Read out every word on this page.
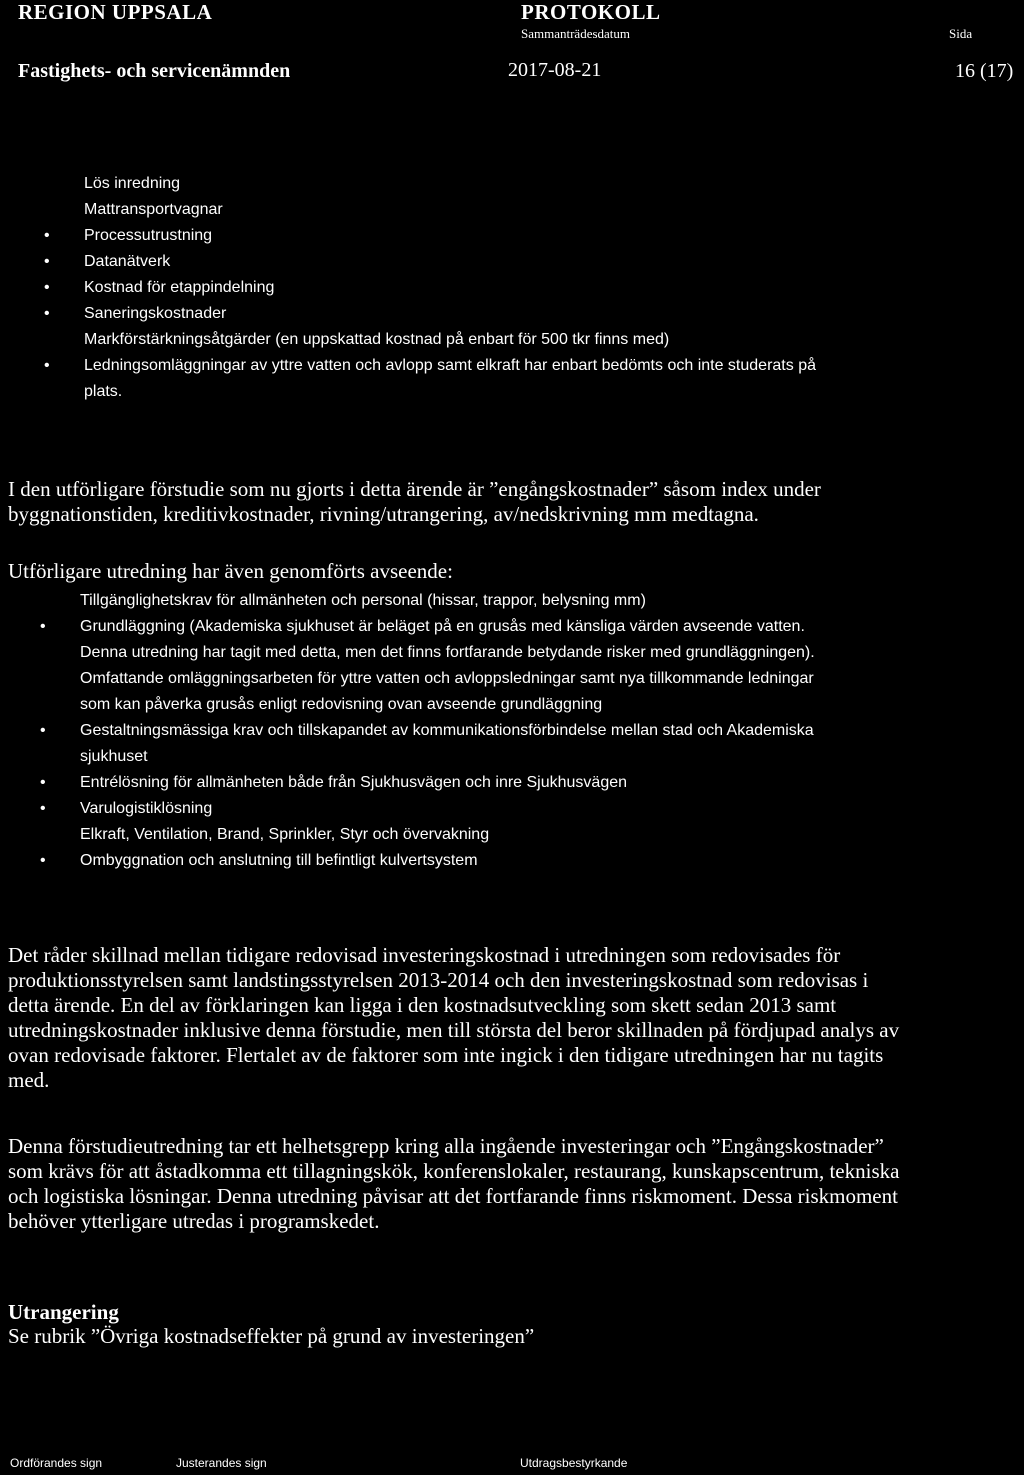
REGION UPPSALA	PROTOKOLL
Sammanträdesdatum	Sida
Fastighets- och servicenämnden	2017-08-21	16 (17)
Lös inredning
Mattransportvagnar
• Processutrustning
• Datanätverk
• Kostnad för etappindelning
• Saneringskostnader
Markförstärkningsåtgärder (en uppskattad kostnad på enbart för 500 tkr finns med)
• Ledningsomläggningar av yttre vatten och avlopp samt elkraft har enbart bedömts och inte studerats på
plats.
I den utförligare förstudie som nu gjorts i detta ärende är ”engångskostnader” såsom index under
byggnationstiden, kreditivkostnader, rivning/utrangering, av/nedskrivning mm medtagna.
Utförligare utredning har även genomförts avseende:
Tillgänglighetskrav för allmänheten och personal (hissar, trappor, belysning mm)
• Grundläggning (Akademiska sjukhuset är beläget på en grusås med känsliga värden avseende vatten.
Denna utredning har tagit med detta, men det finns fortfarande betydande risker med grundläggningen).
Omfattande omläggningsarbeten för yttre vatten och avloppsledningar samt nya tillkommande ledningar
som kan påverka grusås enligt redovisning ovan avseende grundläggning
• Gestaltningsmässiga krav och tillskapandet av kommunikationsförbindelse mellan stad och Akademiska
sjukhuset
• Entrélösning för allmänheten både från Sjukhusvägen och inre Sjukhusvägen
• Varulogistiklösning
Elkraft, Ventilation, Brand, Sprinkler, Styr och övervakning
• Ombyggnation och anslutning till befintligt kulvertsystem
Det råder skillnad mellan tidigare redovisad investeringskostnad i utredningen som redovisades för
produktionsstyrelsen samt landstingsstyrelsen 2013-2014 och den investeringskostnad som redovisas i
detta ärende. En del av förklaringen kan ligga i den kostnadsutveckling som skett sedan 2013 samt
utredningskostnader inklusive denna förstudie, men till största del beror skillnaden på fördjupad analys av
ovan redovisade faktorer. Flertalet av de faktorer som inte ingick i den tidigare utredningen har nu tagits
med.
Denna förstudieutredning tar ett helhetsgrepp kring alla ingående investeringar och ”Engångskostnader”
som krävs för att åstadkomma ett tillagningskök, konferenslokaler, restaurang, kunskapscentrum, tekniska
och logistiska lösningar. Denna utredning påvisar att det fortfarande finns riskmoment. Dessa riskmoment
behöver ytterligare utredas i programskedet.
Utrangering
Se rubrik ”Övriga kostnadseffekter på grund av investeringen”
Ordförandes sign	Justerandes sign	Utdragsbestyrkande
